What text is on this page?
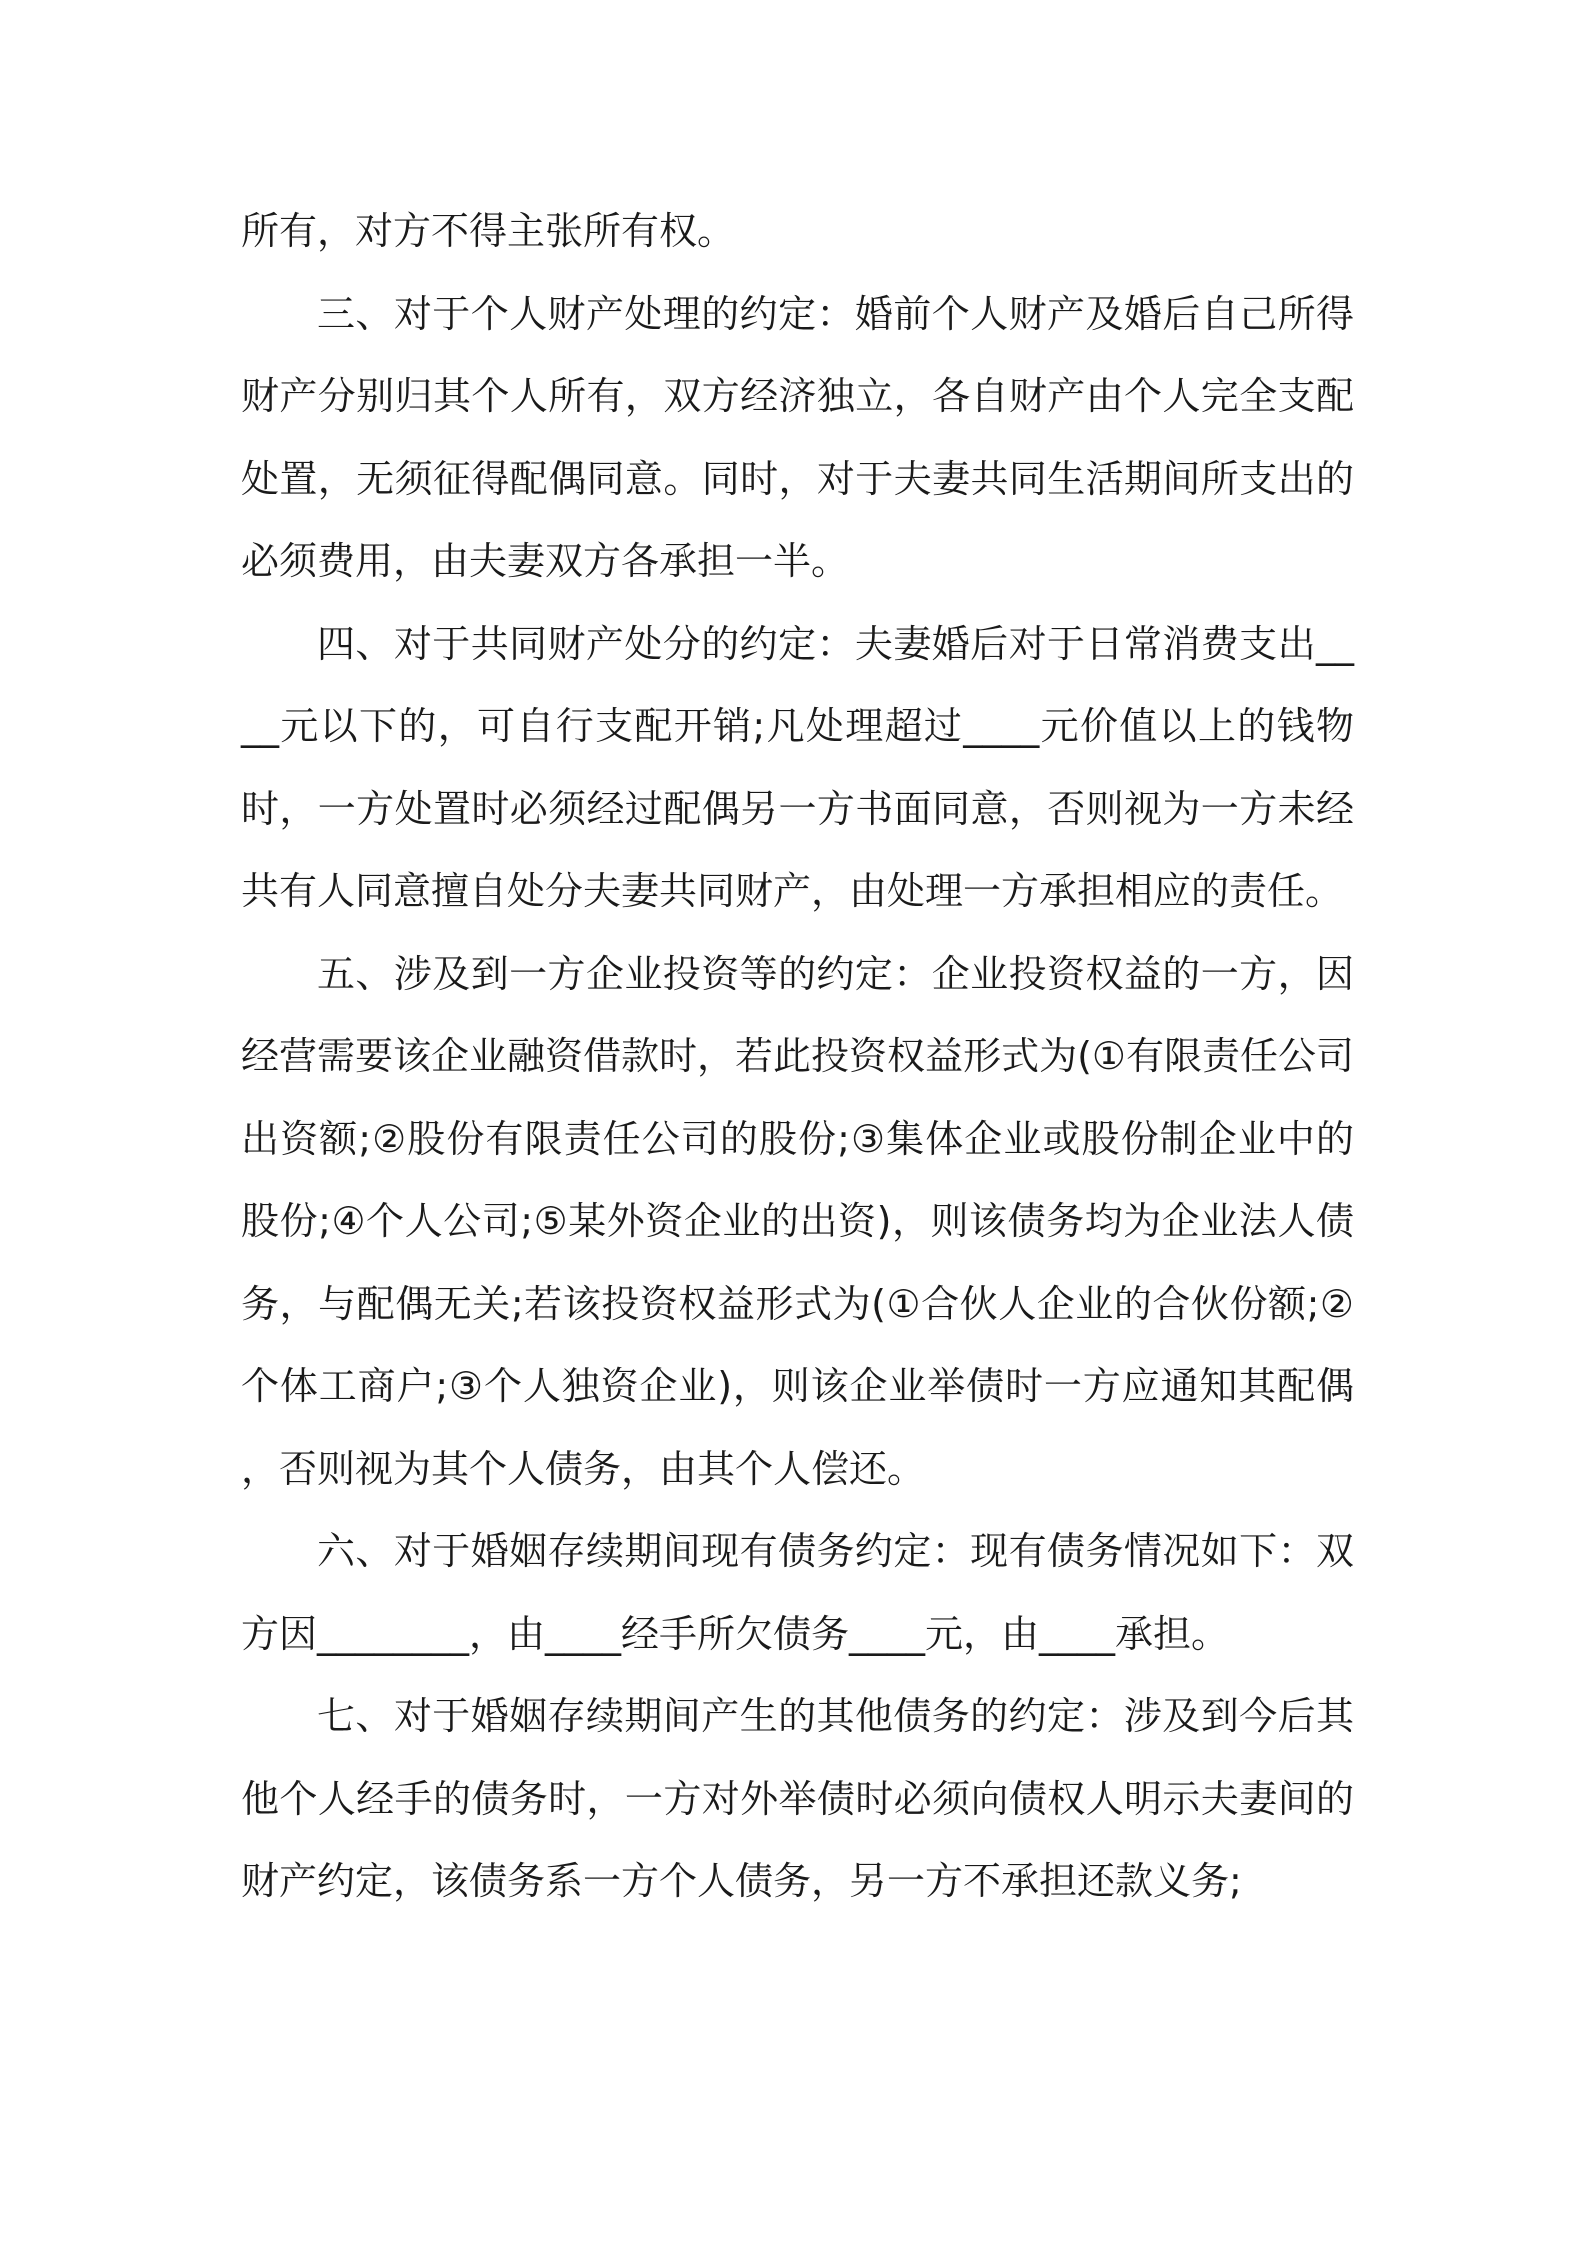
所有，对方不得主张所有权。

三、对于个人财产处理的约定：婚前个人财产及婚后自己所得财产分别归其个人所有，双方经济独立，各自财产由个人完全支配处置，无须征得配偶同意。同时，对于夫妻共同生活期间所支出的必须费用，由夫妻双方各承担一半。

四、对于共同财产处分的约定：夫妻婚后对于日常消费支出____元以下的，可自行支配开销;凡处理超过____元价值以上的钱物时，一方处置时必须经过配偶另一方书面同意，否则视为一方未经共有人同意擅自处分夫妻共同财产，由处理一方承担相应的责任。

五、涉及到一方企业投资等的约定：企业投资权益的一方，因经营需要该企业融资借款时，若此投资权益形式为(①有限责任公司出资额;②股份有限责任公司的股份;③集体企业或股份制企业中的股份;④个人公司;⑤某外资企业的出资)，则该债务均为企业法人债务，与配偶无关;若该投资权益形式为(①合伙人企业的合伙份额;②个体工商户;③个人独资企业)，则该企业举债时一方应通知其配偶，否则视为其个人债务，由其个人偿还。

六、对于婚姻存续期间现有债务约定：现有债务情况如下：双方因________，由____经手所欠债务____元，由____承担。

七、对于婚姻存续期间产生的其他债务的约定：涉及到今后其他个人经手的债务时，一方对外举债时必须向债权人明示夫妻间的财产约定，该债务系一方个人债务，另一方不承担还款义务;
